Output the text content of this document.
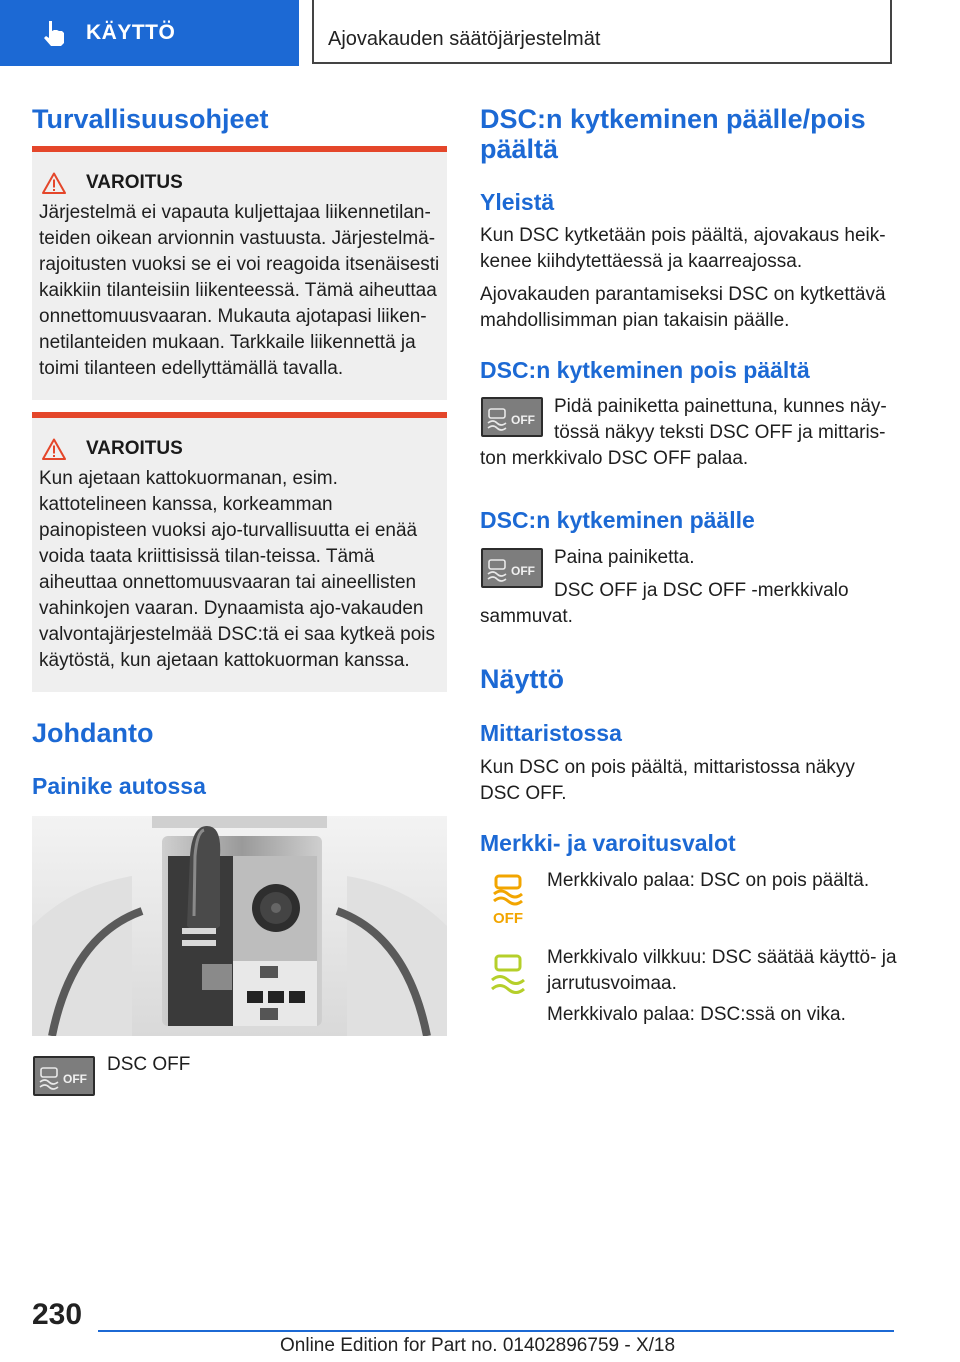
KÄYTTÖ	Ajovakauden säätöjärjestelmät
Turvallisuusohjeet
VAROITUS
Järjestelmä ei vapauta kuljettajaa liikennetilan-teiden oikean arvionnin vastuusta. Järjestelmä-rajoitusten vuoksi se ei voi reagoida itsenäisesti kaikkiin tilanteisiin liikenteessä. Tämä aiheuttaa onnettomuusvaaran. Mukauta ajotapasi liiken-netilanteiden mukaan. Tarkkaile liikennettä ja toimi tilanteen edellyttämällä tavalla.
VAROITUS
Kun ajetaan kattokuormanan, esim. kattotelineen kanssa, korkeamman painopisteen vuoksi ajo-turvallisuutta ei enää voida taata kriittisissä tilan-teissa. Tämä aiheuttaa onnettomuusvaaran tai aineellisten vahinkojen vaaran. Dynaamista ajo-vakauden valvontajärjestelmää DSC:tä ei saa kytkeä pois käytöstä, kun ajetaan kattokuorman kanssa.
Johdanto
Painike autossa
OFF

DSC OFF

DSC:n kytkeminen päälle/pois
päältä
Yleistä

Kun DSC kytketään pois päältä, ajovakaus heik-

kenee kiihdytettäessä ja kaarreajossa.

Ajovakauden parantamiseksi DSC on kytkettävä

mahdollisimman pian takaisin päälle.

DSC:n kytkeminen pois päältä
OFF

Pidä painiketta painettuna, kunnes näy-

tössä näkyy teksti DSC OFF ja mittaris-

ton merkkivalo DSC OFF palaa.

DSC:n kytkeminen päälle
OFF

Paina painiketta.

DSC OFF ja DSC OFF -merkkivalo

sammuvat.

Näyttö
Mittaristossa

Kun DSC on pois päältä, mittaristossa näkyy

DSC OFF.

Merkki- ja varoitusvalot
OFF

Merkkivalo palaa: DSC on pois päältä.

Merkkivalo vilkkuu: DSC säätää käyttö- ja

jarrutusvoimaa.

Merkkivalo palaa: DSC:ssä on vika.

230
Online Edition for Part no. 01402896759 - X/18
